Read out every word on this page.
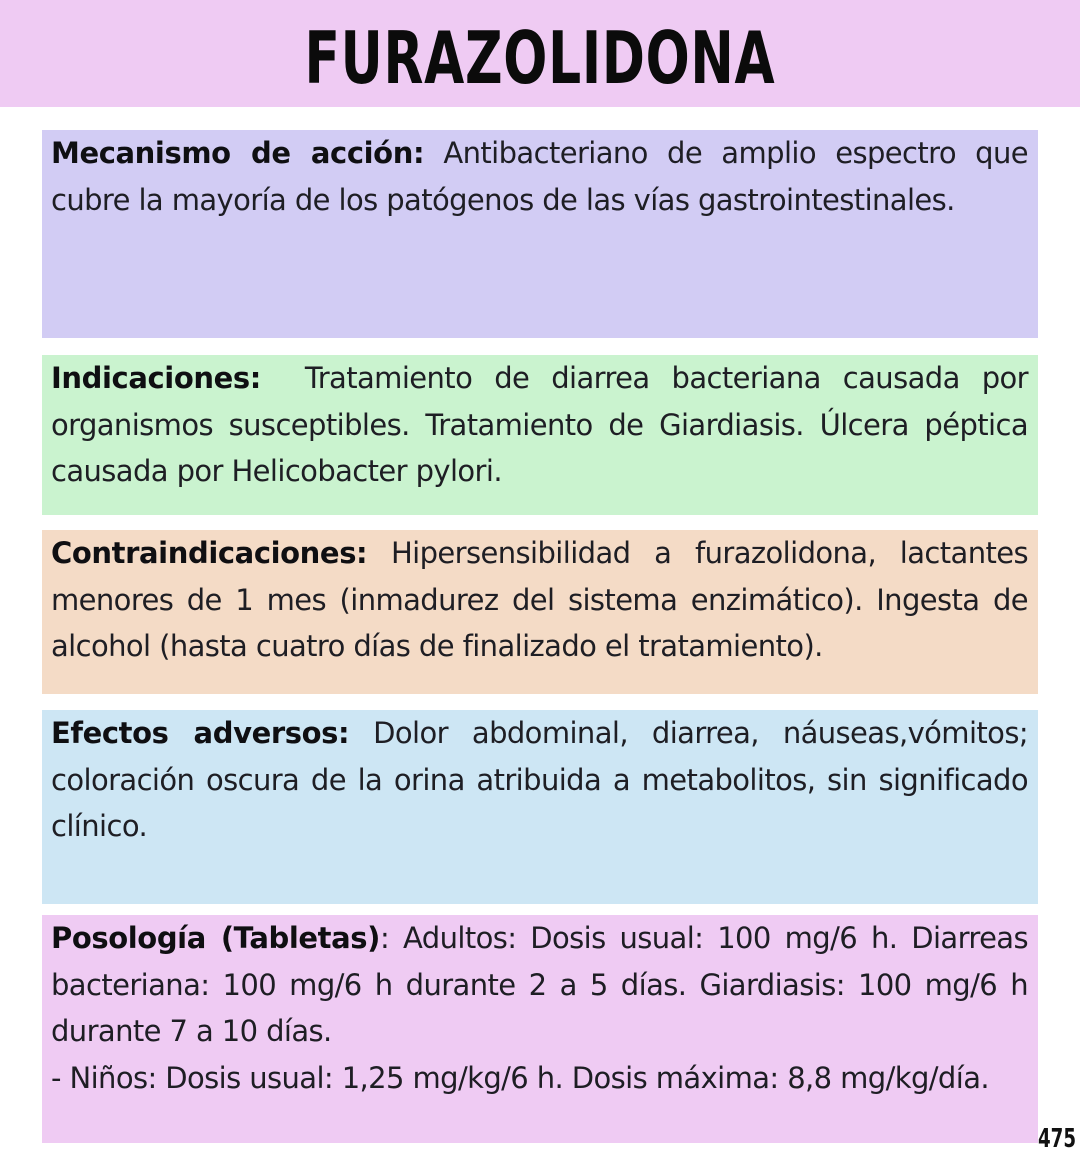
FURAZOLIDONA

Mecanismo de acción: Antibacteriano de amplio espectro que cubre la mayoría de los patógenos de las vías gastrointestinales.

Indicaciones:  Tratamiento de diarrea bacteriana causada por organismos susceptibles. Tratamiento de Giardiasis. Úlcera péptica causada por Helicobacter pylori.

Contraindicaciones: Hipersensibilidad a furazolidona, lactantes menores de 1 mes (inmadurez del sistema enzimático). Ingesta de alcohol (hasta cuatro días de finalizado el tratamiento).

Efectos adversos: Dolor abdominal, diarrea, náuseas,vómitos; coloración oscura de la orina atribuida a metabolitos, sin significado clínico.

Posología (Tabletas): Adultos: Dosis usual: 100 mg/6 h. Diarreas bacteriana: 100 mg/6 h durante 2 a 5 días. Giardiasis: 100 mg/6 h durante 7 a 10 días.

- Niños: Dosis usual: 1,25 mg/kg/6 h. Dosis máxima: 8,8 mg/kg/día.

475
